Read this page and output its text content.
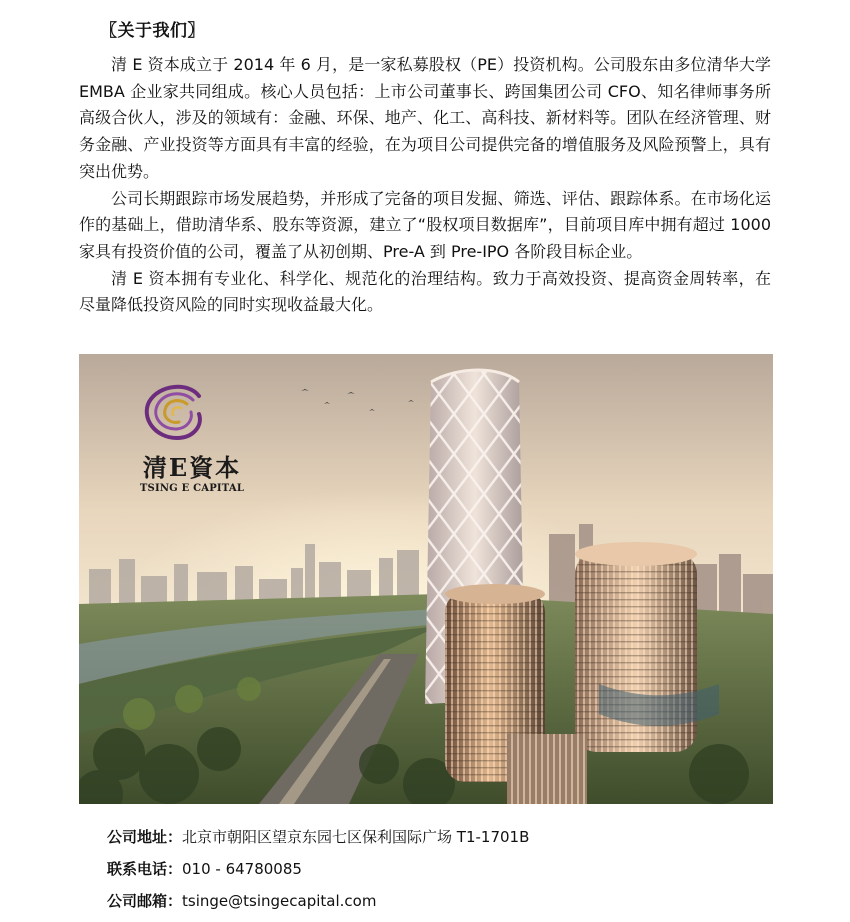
〖关于我们〗

清 E 资本成立于 2014 年 6 月，是一家私募股权（PE）投资机构。公司股东由多位清华大学 EMBA 企业家共同组成。核心人员包括：上市公司董事长、跨国集团公司 CFO、知名律师事务所高级合伙人，涉及的领域有：金融、环保、地产、化工、高科技、新材料等。团队在经济管理、财务金融、产业投资等方面具有丰富的经验，在为项目公司提供完备的增值服务及风险预警上，具有突出优势。

公司长期跟踪市场发展趋势，并形成了完备的项目发掘、筛选、评估、跟踪体系。在市场化运作的基础上，借助清华系、股东等资源，建立了“股权项目数据库”，目前项目库中拥有超过 1000 家具有投资价值的公司，覆盖了从初创期、Pre-A 到 Pre-IPO 各阶段目标企业。

清 E 资本拥有专业化、科学化、规范化的治理结构。致力于高效投资、提高资金周转率，在尽量降低投资风险的同时实现收益最大化。

清E資本
TSING E CAPITAL
公司地址：北京市朝阳区望京东园七区保利国际广场 T1-1701B
联系电话：010 - 64780085
公司邮箱：tsinge@tsingecapital.com
